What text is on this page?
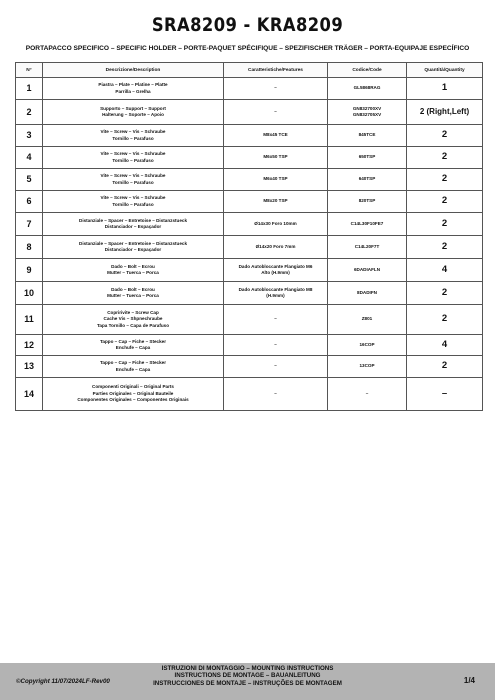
SRA8209 - KRA8209
PORTAPACCO SPECIFICO – SPECIFIC HOLDER – PORTE-PAQUET SPÉCIFIQUE – SPEZIFISCHER TRÄGER – PORTA-EQUIPAJE ESPECÍFICO
N°	Descrizione/Description	Caratteristiche/Features	Codice/Code	Quantità/Quantity
1	Piastra – Plate – Platine – Platte
Parrilla – Grelha	–	GL5868RAG	1
2	Supporto – Support – Support
Halterung – Soporte – Apoio	–	GN832700XV
GN832705XV	2 (Right,Left)
3	Vite – Screw – Vis – Schraube
Tornillo – Parafuso	M8x45 TCE	845TCE	2
4	Vite – Screw – Vis – Schraube
Tornillo – Parafuso	M6x50 TSP	650TSP	2
5	Vite – Screw – Vis – Schraube
Tornillo – Parafuso	M6x40 TSP	640TSP	2
6	Vite – Screw – Vis – Schraube
Tornillo – Parafuso	M8x20 TSP	820TSP	2
7	Distanziale – Spacer – Entretoise – Distanzstueck
Distanciador – Espaçador	Ø14x30 Foro 10mm	C14L30F10FE7	2
8	Distanziale – Spacer – Entretoise – Distanzstueck
Distanciador – Espaçador	Ø14x20 Foro 7mm	C14L20F7T	2
9	Dado – Bolt – Ecrou
Mutter – Tuerca – Porca	Dado Autobloccante Flangiato M6
Alto (H.9mm)	6DADIAFLN	4
10	Dado – Bolt – Ecrou
Mutter – Tuerca – Porca	Dado Autobloccante Flangiato M8
(H.9mm)	8DADIFN	2
11	Copririvite – Screw Cap
Cache Vis – Shpnechraube
Tapa Tornillo – Capa de Parafuso	–	Z801	2
12	Tappo – Cap – Fiche – Stecker
Enchufe – Capa	–	16COP	4
13	Tappo – Cap – Fiche – Stecker
Enchufe – Capa	–	13COP	2
14	Componenti Originali – Original Parts
Parties Originales – Original Bauteile
Componentes Originales – Componentes Originais	–	–	–
©Copyright 11/07/2024LF-Rev00
ISTRUZIONI DI MONTAGGIO – MOUNTING INSTRUCTIONS
INSTRUCTIONS DE MONTAGE – BAUANLEITUNG
INSTRUCCIONES DE MONTAJE – INSTRUÇÕES DE MONTAGEM	1/4
